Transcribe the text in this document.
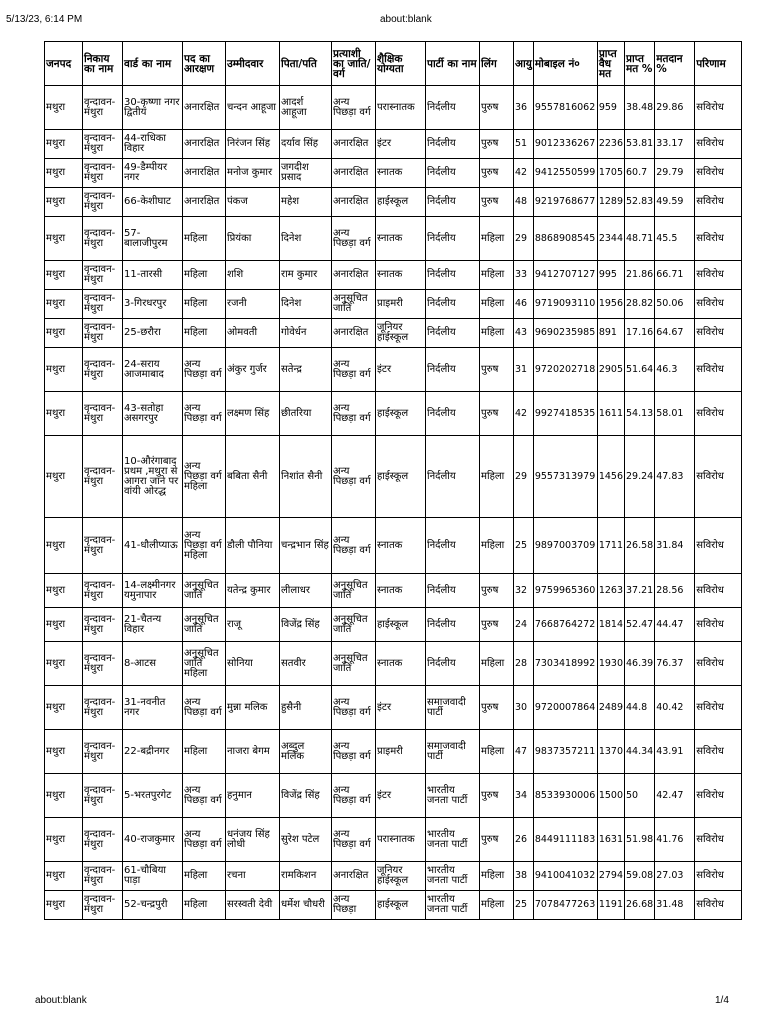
5/13/23, 6:14 PM	about:blank
जनपद	निकाय का नाम	वार्ड का नाम	पद का आरक्षण	उम्मीदवार	पिता/पति	प्रत्याशी का जाति/वर्ग	शैक्षिक योग्यता	पार्टी का नाम	लिंग	आयु	मोबाइल नं०	प्राप्त वैध मत	प्राप्त मत %	मतदान %	परिणाम
मथुरा	वृन्दावन-मथुरा	30-कृष्णा नगर द्वितीय	अनारक्षित	चन्दन आहूजा	आदर्श आहूजा	अन्य पिछड़ा वर्ग	परास्नातक	निर्दलीय	पुरुष	36	9557816062	959	38.48	29.86	सविरोध
मथुरा	वृन्दावन-मथुरा	44-राधिका विहार	अनारक्षित	निरंजन सिंह	दर्याव सिंह	अनारक्षित	इंटर	निर्दलीय	पुरुष	51	9012336267	2236	53.81	33.17	सविरोध
मथुरा	वृन्दावन-मथुरा	49-डैम्पीयर नगर	अनारक्षित	मनोज कुमार	जगदीश प्रसाद	अनारक्षित	स्नातक	निर्दलीय	पुरुष	42	9412550599	1705	60.7	29.79	सविरोध
मथुरा	वृन्दावन-मथुरा	66-केशीघाट	अनारक्षित	पंकज	महेश	अनारक्षित	हाईस्कूल	निर्दलीय	पुरुष	48	9219768677	1289	52.83	49.59	सविरोध
मथुरा	वृन्दावन-मथुरा	57-बालाजीपुरम	महिला	प्रियंका	दिनेश	अन्य पिछड़ा वर्ग	स्नातक	निर्दलीय	महिला	29	8868908545	2344	48.71	45.5	सविरोध
मथुरा	वृन्दावन-मथुरा	11-तारसी	महिला	शशि	राम कुमार	अनारक्षित	स्नातक	निर्दलीय	महिला	33	9412707127	995	21.86	66.71	सविरोध
मथुरा	वृन्दावन-मथुरा	3-गिरधरपुर	महिला	रजनी	दिनेश	अनुसूचित जाति	प्राइमरी	निर्दलीय	महिला	46	9719093110	1956	28.82	50.06	सविरोध
मथुरा	वृन्दावन-मथुरा	25-छरौरा	महिला	ओमवती	गोवेर्धन	अनारक्षित	जूनियर हाईस्कूल	निर्दलीय	महिला	43	9690235985	891	17.16	64.67	सविरोध
मथुरा	वृन्दावन-मथुरा	24-सराय आजमाबाद	अन्य पिछड़ा वर्ग	अंकुर गुर्जर	सतेन्द्र	अन्य पिछड़ा वर्ग	इंटर	निर्दलीय	पुरुष	31	9720202718	2905	51.64	46.3	सविरोध
मथुरा	वृन्दावन-मथुरा	43-सतोहा असगरपुर	अन्य पिछड़ा वर्ग	लक्ष्मण सिंह	छीतरिया	अन्य पिछड़ा वर्ग	हाईस्कूल	निर्दलीय	पुरुष	42	9927418535	1611	54.13	58.01	सविरोध
मथुरा	वृन्दावन-मथुरा	10-औरंगाबाद प्रथम ,मथुरा से आगरा जाने पर वांयी ओरद्ध	अन्य पिछड़ा वर्ग महिला	बबिता सैनी	निशांत सैनी	अन्य पिछड़ा वर्ग	हाईस्कूल	निर्दलीय	महिला	29	9557313979	1456	29.24	47.83	सविरोध
मथुरा	वृन्दावन-मथुरा	41-धौलीप्याऊ	अन्य पिछड़ा वर्ग महिला	डौली पौनिया	चन्द्रभान सिंह	अन्य पिछड़ा वर्ग	स्नातक	निर्दलीय	महिला	25	9897003709	1711	26.58	31.84	सविरोध
मथुरा	वृन्दावन-मथुरा	14-लक्ष्मीनगर यमुनापार	अनुसूचित जाति	यतेन्द्र कुमार	लीलाधर	अनुसूचित जाति	स्नातक	निर्दलीय	पुरुष	32	9759965360	1263	37.21	28.56	सविरोध
मथुरा	वृन्दावन-मथुरा	21-चैतन्य विहार	अनुसूचित जाति	राजू	विजेंद्र सिंह	अनुसूचित जाति	हाईस्कूल	निर्दलीय	पुरुष	24	7668764272	1814	52.47	44.47	सविरोध
मथुरा	वृन्दावन-मथुरा	8-आटस	अनुसूचित जाति महिला	सोनिया	सतवीर	अनुसूचित जाति	स्नातक	निर्दलीय	महिला	28	7303418992	1930	46.39	76.37	सविरोध
मथुरा	वृन्दावन-मथुरा	31-नवनीत नगर	अन्य पिछड़ा वर्ग	मुन्ना मलिक	हुसैनी	अन्य पिछड़ा वर्ग	इंटर	समाजवादी पार्टी	पुरुष	30	9720007864	2489	44.8	40.42	सविरोध
मथुरा	वृन्दावन-मथुरा	22-बद्रीनगर	महिला	नाजरा बेगम	अब्दुल मलिक	अन्य पिछड़ा वर्ग	प्राइमरी	समाजवादी पार्टी	महिला	47	9837357211	1370	44.34	43.91	सविरोध
मथुरा	वृन्दावन-मथुरा	5-भरतपुरगेट	अन्य पिछड़ा वर्ग	हनुमान	विजेंद्र सिंह	अन्य पिछड़ा वर्ग	इंटर	भारतीय जनता पार्टी	पुरुष	34	8533930006	1500	50	42.47	सविरोध
मथुरा	वृन्दावन-मथुरा	40-राजकुमार	अन्य पिछड़ा वर्ग	धनंजय सिंह लोधी	सुरेश पटेल	अन्य पिछड़ा वर्ग	परास्नातक	भारतीय जनता पार्टी	पुरुष	26	8449111183	1631	51.98	41.76	सविरोध
मथुरा	वृन्दावन-मथुरा	61-चौबिया पाड़ा	महिला	रचना	रामकिशन	अनारक्षित	जूनियर हाईस्कूल	भारतीय जनता पार्टी	महिला	38	9410041032	2794	59.08	27.03	सविरोध
मथुरा	वृन्दावन-मथुरा	52-चन्द्रपुरी	महिला	सरस्वती देवी	धर्मेश चौधरी	अन्य पिछड़ा	हाईस्कूल	भारतीय जनता पार्टी	महिला	25	7078477263	1191	26.68	31.48	सविरोध
about:blank	1/4
